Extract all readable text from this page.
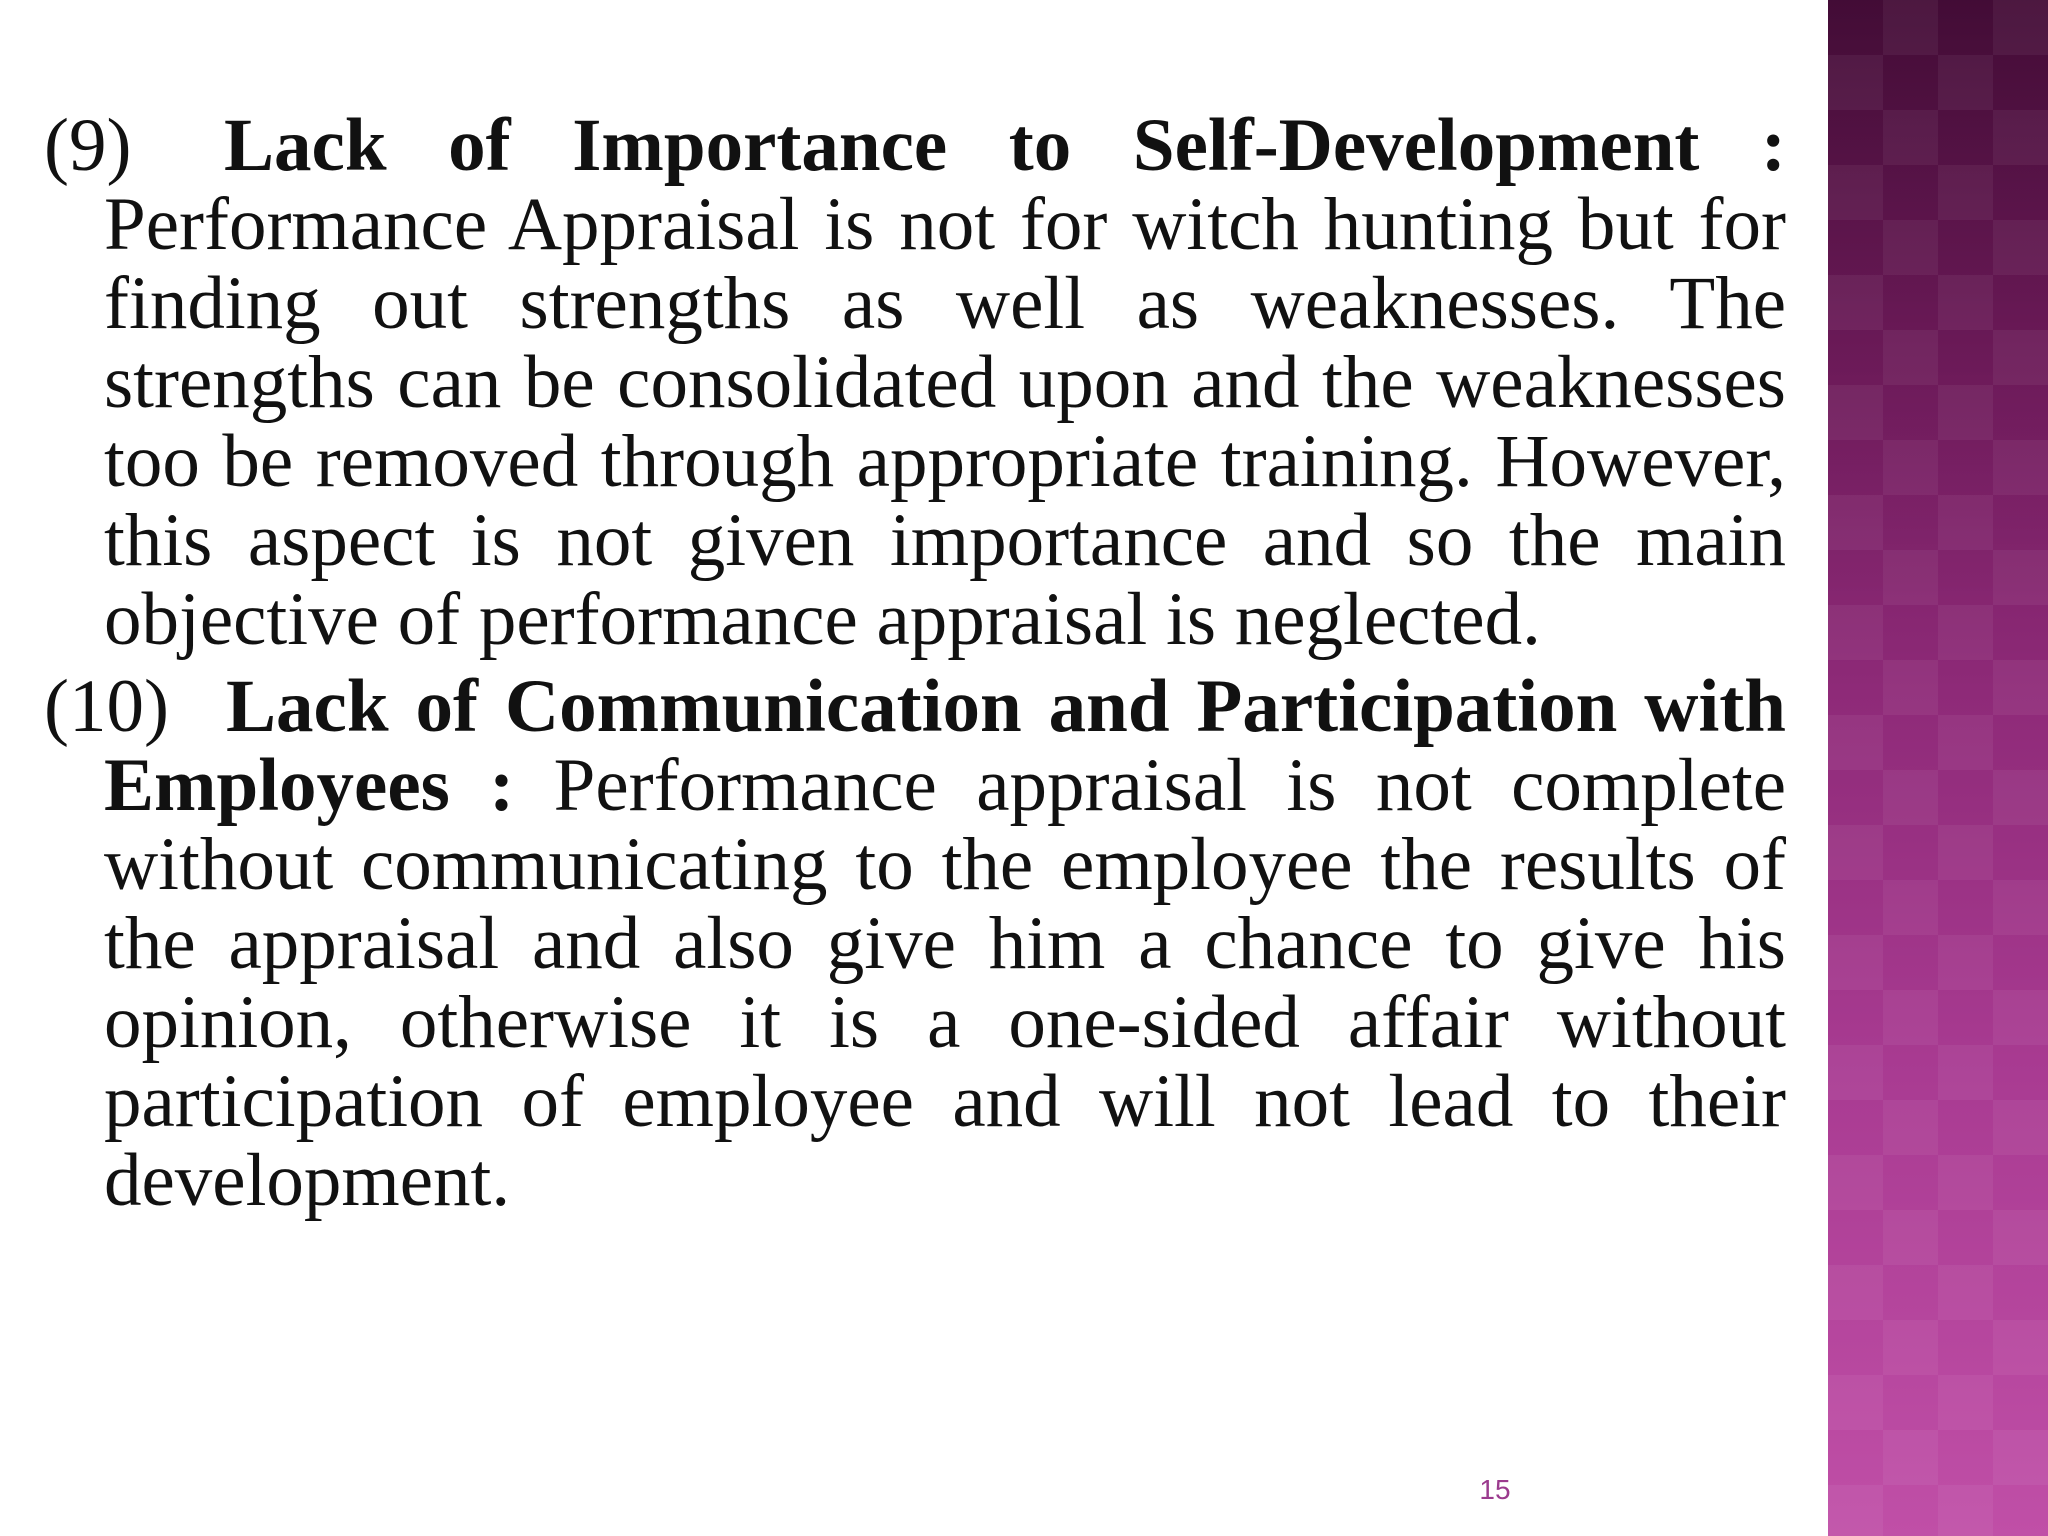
(9) Lack of Importance to Self-Development : Performance Appraisal is not for witch hunting but for finding out strengths as well as weaknesses. The strengths can be consolidated upon and the weaknesses too be removed through appropriate training. However, this aspect is not given importance and so the main objective of performance appraisal is neglected.

(10) Lack of Communication and Participation with Employees : Performance appraisal is not complete without communicating to the employee the results of the appraisal and also give him a chance to give his opinion, otherwise it is a one-sided affair without participation of employee and will not lead to their development.

15
